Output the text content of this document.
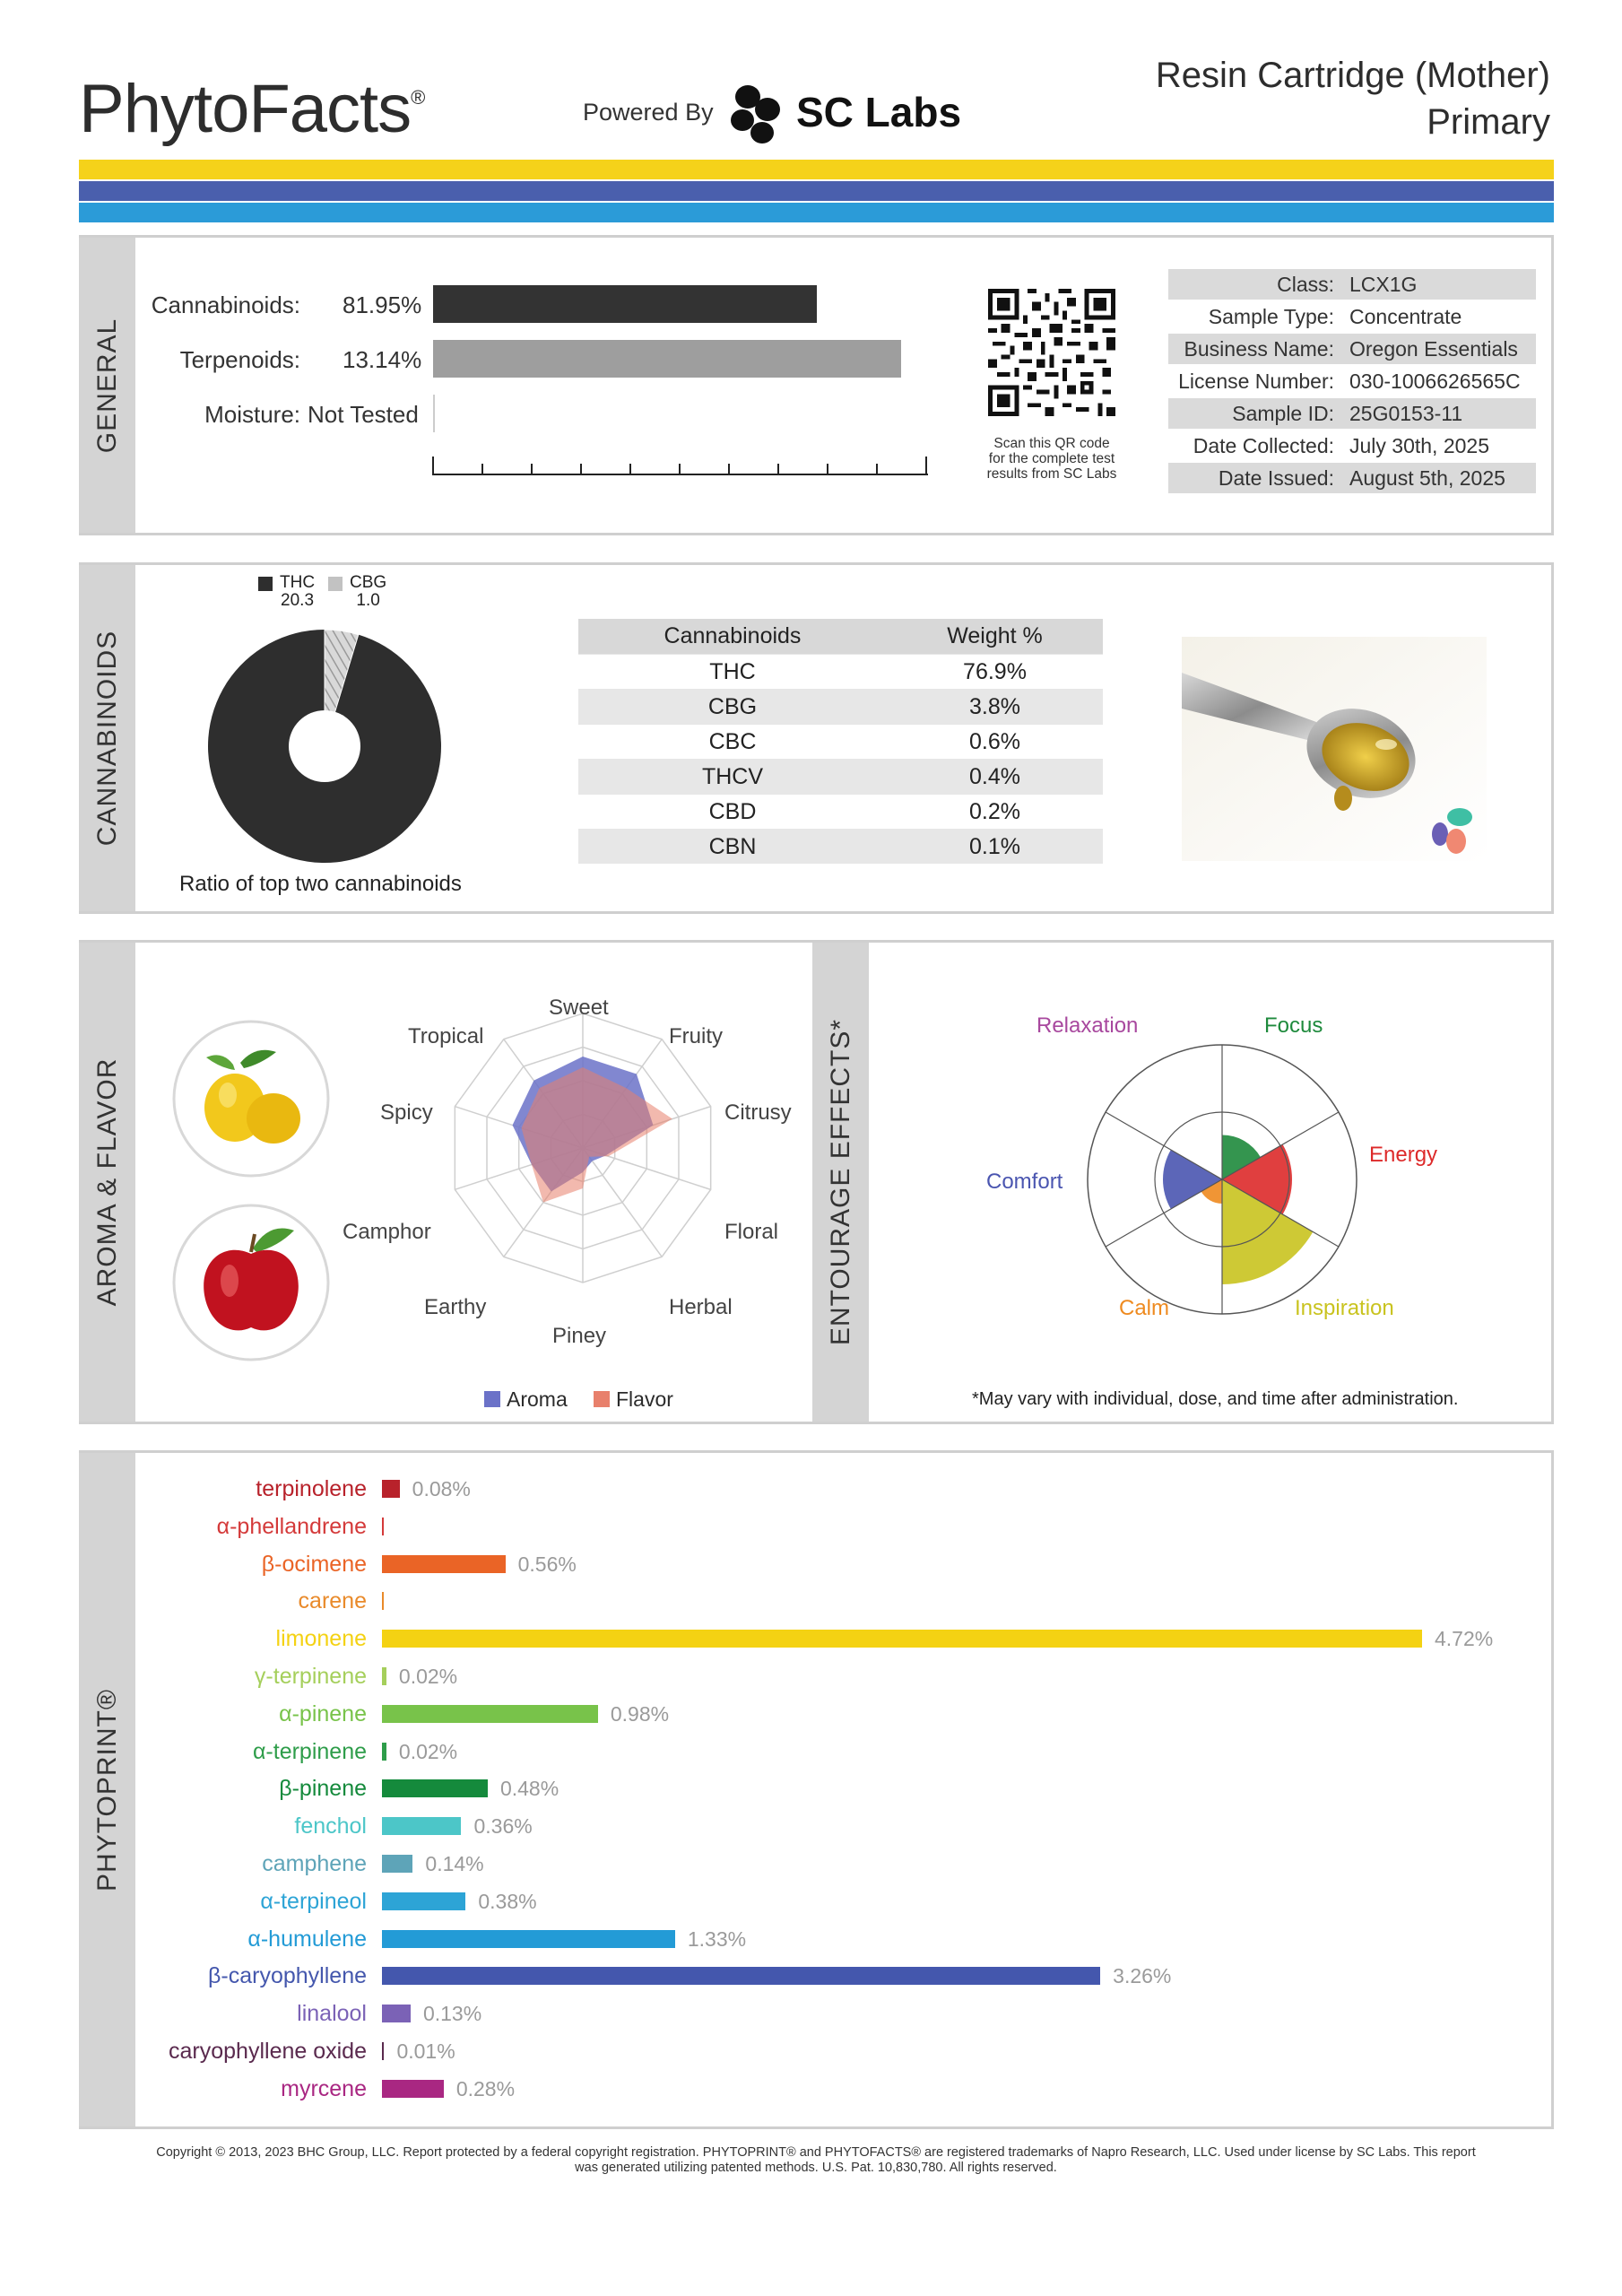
PhytoFacts®
Powered By SC Labs
Resin Cartridge (Mother)
Primary
GENERAL
Cannabinoids: 81.95%
Terpenoids: 13.14%
Moisture: Not Tested
Scan this QR code
for the complete test
results from SC Labs
Class: LCX1G
Sample Type: Concentrate
Business Name: Oregon Essentials
License Number: 030-1006626565C
Sample ID: 25G0153-11
Date Collected: July 30th, 2025
Date Issued: August 5th, 2025
CANNABINOIDS
THC
20.3
CBG
1.0
Ratio of top two cannabinoids
Cannabinoids	Weight %
THC	76.9%
CBG	3.8%
CBC	0.6%
THCV	0.4%
CBD	0.2%
CBN	0.1%
AROMA & FLAVOR	ENTOURAGE EFFECTS*
Sweet
Fruity
Citrusy
Floral
Herbal
Piney
Earthy
Camphor
Spicy
Tropical
Aroma Flavor
Relaxation	Focus
Energy
Inspiration
Calm
Comfort
*May vary with individual, dose, and time after administration.
PHYTOPRINT®
terpinolene 0.08%
α-phellandrene
β-ocimene	0.56%
carene
limonene	4.72%
γ-terpinene 0.02%
α-pinene	0.98%
α-terpinene 0.02%
β-pinene	0.48%
fenchol	0.36%
camphene	0.14%
α-terpineol	0.38%
α-humulene	1.33%
β-caryophyllene	3.26%
linalool	0.13%
caryophyllene oxide 0.01%
myrcene	0.28%
Copyright © 2013, 2023 BHC Group, LLC. Report protected by a federal copyright registration. PHYTOPRINT® and PHYTOFACTS® are registered trademarks of Napro Research, LLC. Used under license by SC Labs. This report
was generated utilizing patented methods. U.S. Pat. 10,830,780. All rights reserved.
